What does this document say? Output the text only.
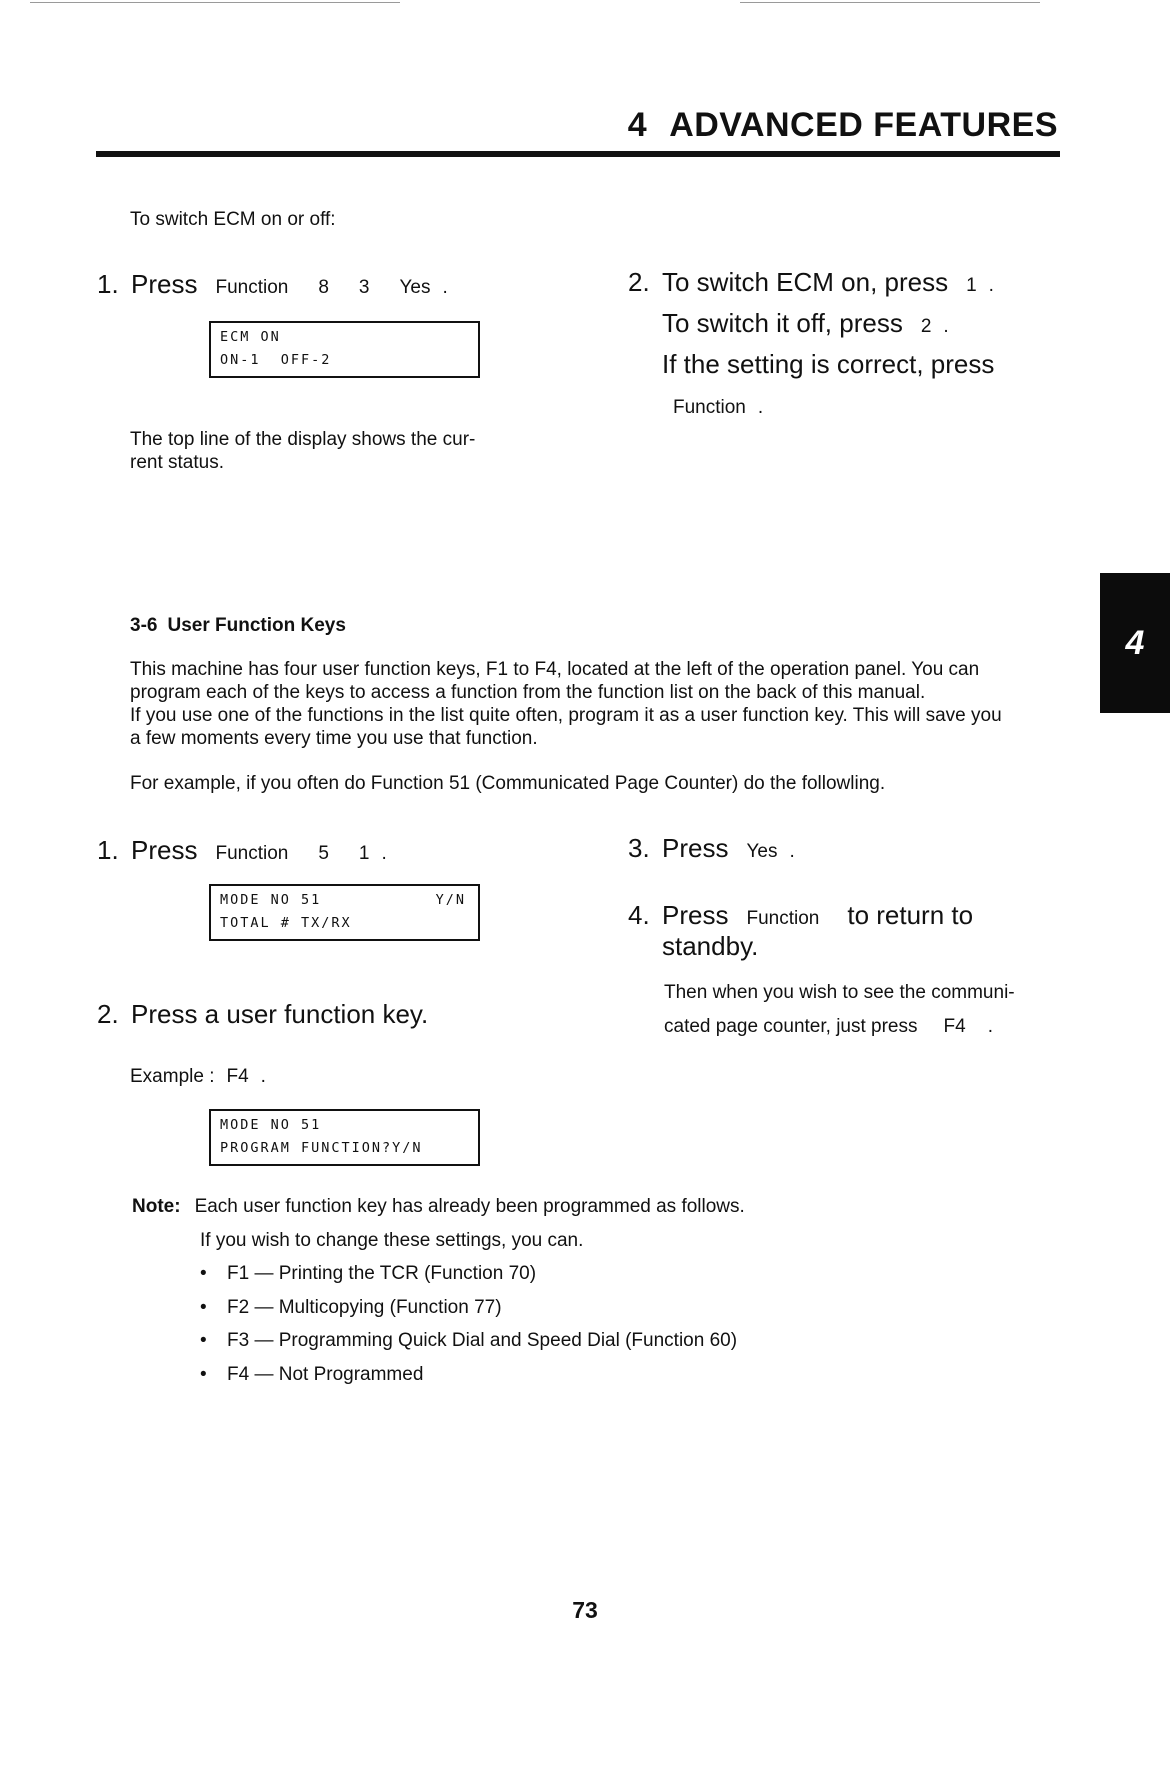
4 ADVANCED FEATURES
To switch ECM on or off:
1. Press Function 8 3 Yes .
ECM ON
ON-1  OFF-2
The top line of the display shows the cur-
rent status.
2. To switch ECM on, press 1 .
To switch it off, press 2 .
If the setting is correct, press
Function .
3-6 User Function Keys	4
This machine has four user function keys, F1 to F4, located at the left of the operation panel. You can
program each of the keys to access a function from the function list on the back of this manual.
If you use one of the functions in the list quite often, program it as a user function key. This will save you
a few moments every time you use that function.
For example, if you often do Function 51 (Communicated Page Counter) do the followling.
1. Press Function 5 1 .
MODE NO 51	Y/N
TOTAL # TX/RX
2. Press a user function key.
Example : F4 .
MODE NO 51
PROGRAM FUNCTION?Y/N
3. Press Yes .
4. Press Function to return to
standby.
Then when you wish to see the communi-
cated page counter, just press F4 .
Note: Each user function key has already been programmed as follows.
If you wish to change these settings, you can.
• F1 — Printing the TCR (Function 70)
• F2 — Multicopying (Function 77)
• F3 — Programming Quick Dial and Speed Dial (Function 60)
• F4 — Not Programmed
73
